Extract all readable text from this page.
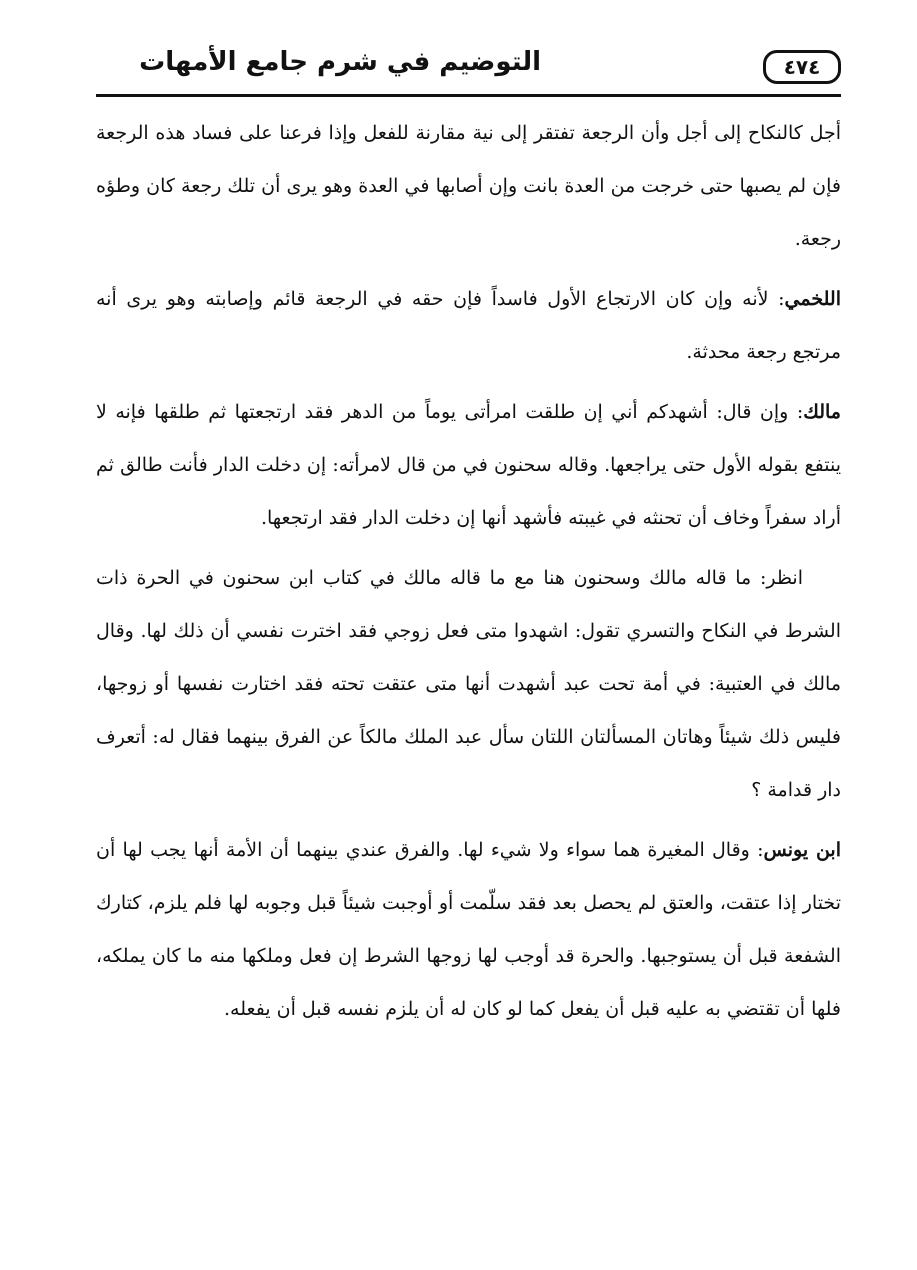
التوضيم في شرم جامع الأمهات	٤٧٤

أجل كالنكاح إلى أجل وأن الرجعة تفتقر إلى نية مقارنة للفعل وإذا فرعنا على فساد هذه الرجعة فإن لم يصبها حتى خرجت من العدة بانت وإن أصابها في العدة وهو يرى أن تلك رجعة كان وطؤه رجعة.

اللخمي: لأنه وإن كان الارتجاع الأول فاسداً فإن حقه في الرجعة قائم وإصابته وهو يرى أنه مرتجع رجعة محدثة.

مالك: وإن قال: أشهدكم أني إن طلقت امرأتى يوماً من الدهر فقد ارتجعتها ثم طلقها فإنه لا ينتفع بقوله الأول حتى يراجعها. وقاله سحنون في من قال لامرأته: إن دخلت الدار فأنت طالق ثم أراد سفراً وخاف أن تحنثه في غيبته فأشهد أنها إن دخلت الدار فقد ارتجعها.

انظر: ما قاله مالك وسحنون هنا مع ما قاله مالك في كتاب ابن سحنون في الحرة ذات الشرط في النكاح والتسري تقول: اشهدوا متى فعل زوجي فقد اخترت نفسي أن ذلك لها. وقال مالك في العتبية: في أمة تحت عبد أشهدت أنها متى عتقت تحته فقد اختارت نفسها أو زوجها، فليس ذلك شيئاً وهاتان المسألتان اللتان سأل عبد الملك مالكاً عن الفرق بينهما فقال له: أتعرف دار قدامة ؟

ابن يونس: وقال المغيرة هما سواء ولا شيء لها. والفرق عندي بينهما أن الأمة أنها يجب لها أن تختار إذا عتقت، والعتق لم يحصل بعد فقد سلّمت أو أوجبت شيئاً قبل وجوبه لها فلم يلزم، كتارك الشفعة قبل أن يستوجبها. والحرة قد أوجب لها زوجها الشرط إن فعل وملكها منه ما كان يملكه، فلها أن تقتضي به عليه قبل أن يفعل كما لو كان له أن يلزم نفسه قبل أن يفعله.
